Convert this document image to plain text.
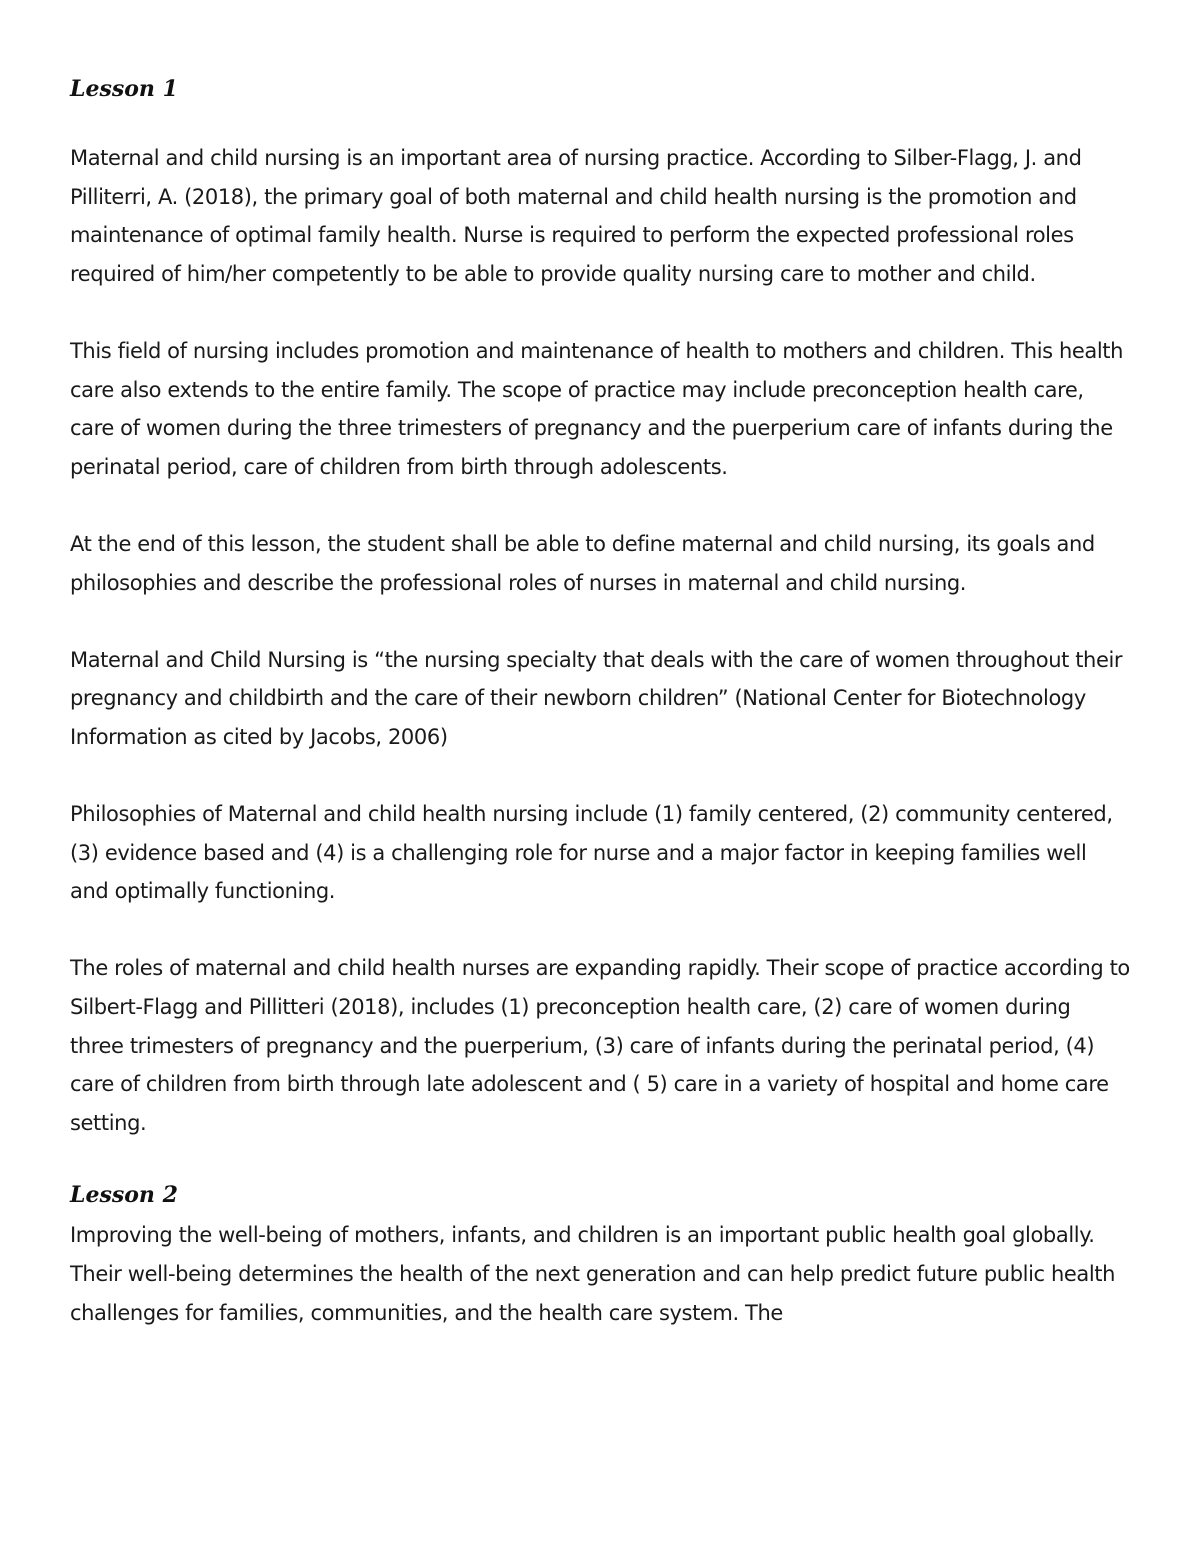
Lesson 1

Maternal and child nursing is an important area of nursing practice. According to Silber-Flagg, J. and Pilliterri, A. (2018), the primary goal of both maternal and child health nursing is the promotion and maintenance of optimal family health. Nurse is required to perform the expected professional roles required of him/her competently to be able to provide quality nursing care to mother and child.

This field of nursing includes promotion and maintenance of health to mothers and children. This health care also extends to the entire family. The scope of practice may include preconception health care, care of women during the three trimesters of pregnancy and the puerperium care of infants during the perinatal period, care of children from birth through adolescents.

At the end of this lesson, the student shall be able to define maternal and child nursing, its goals and philosophies and describe the professional roles of nurses in maternal and child nursing.

Maternal and Child Nursing is “the nursing specialty that deals with the care of women throughout their pregnancy and childbirth and the care of their newborn children” (National Center for Biotechnology Information as cited by Jacobs, 2006)

Philosophies of Maternal and child health nursing include (1) family centered, (2) community centered, (3) evidence based and (4) is a challenging role for nurse and a major factor in keeping families well and optimally functioning.

The roles of maternal and child health nurses are expanding rapidly. Their scope of practice according to Silbert-Flagg and Pillitteri (2018), includes (1) preconception health care, (2) care of women during three trimesters of pregnancy and the puerperium, (3) care of infants during the perinatal period, (4) care of children from birth through late adolescent and ( 5) care in a variety of hospital and home care setting.

Lesson 2

Improving the well-being of mothers, infants, and children is an important public health goal globally. Their well-being determines the health of the next generation and can help predict future public health challenges for families, communities, and the health care system. The
